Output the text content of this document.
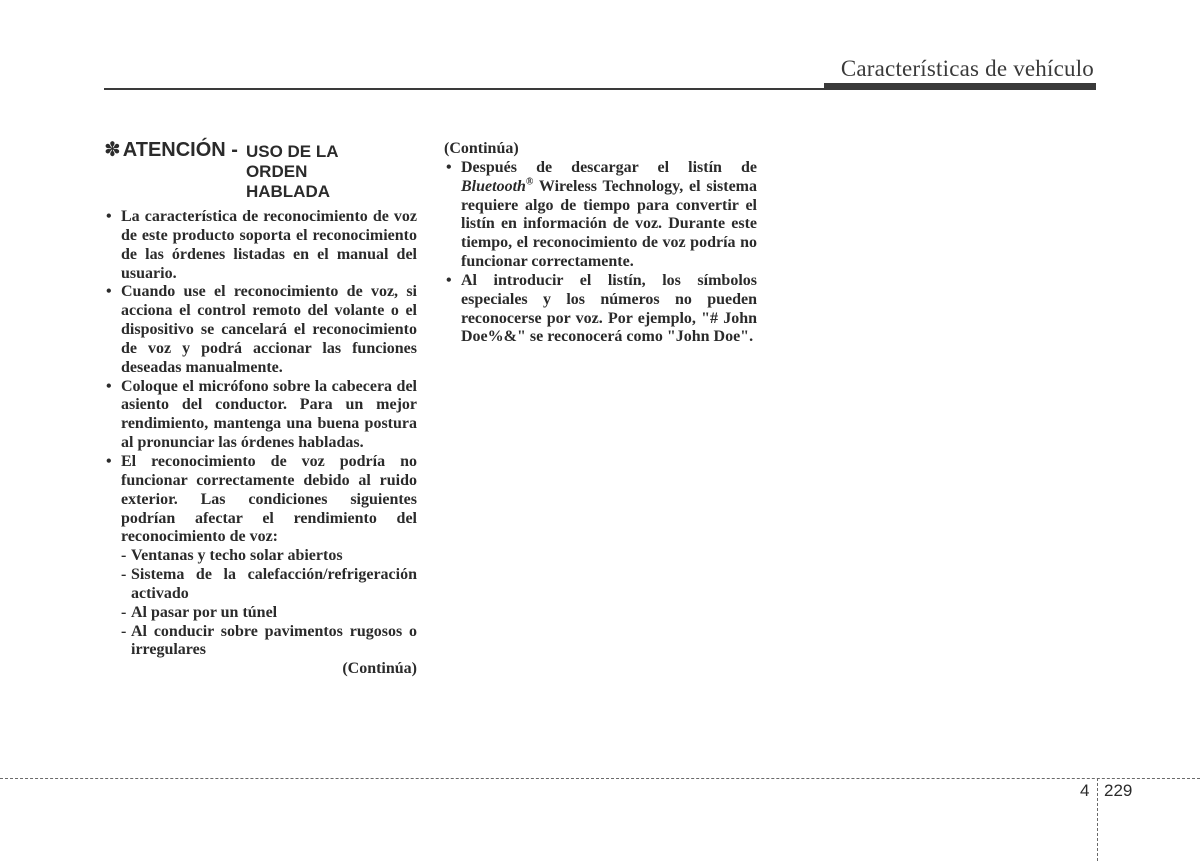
Características de vehículo
✽ ATENCIÓN - USO DE LA ORDEN HABLADA
• La característica de reconocimiento de voz de este producto soporta el reconocimiento de las órdenes listadas en el manual del usuario.
• Cuando use el reconocimiento de voz, si acciona el control remoto del volante o el dispositivo se cancelará el reconocimiento de voz y podrá accionar las funciones deseadas manualmente.
• Coloque el micrófono sobre la cabecera del asiento del conductor. Para un mejor rendimiento, mantenga una buena postura al pronunciar las órdenes habladas.
• El reconocimiento de voz podría no funcionar correctamente debido al ruido exterior. Las condiciones siguientes podrían afectar el rendimiento del reconocimiento de voz:
- Ventanas y techo solar abiertos
- Sistema de la calefacción/refrigeración activado
- Al pasar por un túnel
- Al conducir sobre pavimentos rugosos o irregulares
(Continúa)
(Continúa)
• Después de descargar el listín de Bluetooth® Wireless Technology, el sistema requiere algo de tiempo para convertir el listín en información de voz. Durante este tiempo, el reconocimiento de voz podría no funcionar correctamente.
• Al introducir el listín, los símbolos especiales y los números no pueden reconocerse por voz. Por ejemplo, "# John Doe%&" se reconocerá como "John Doe".
4 229
